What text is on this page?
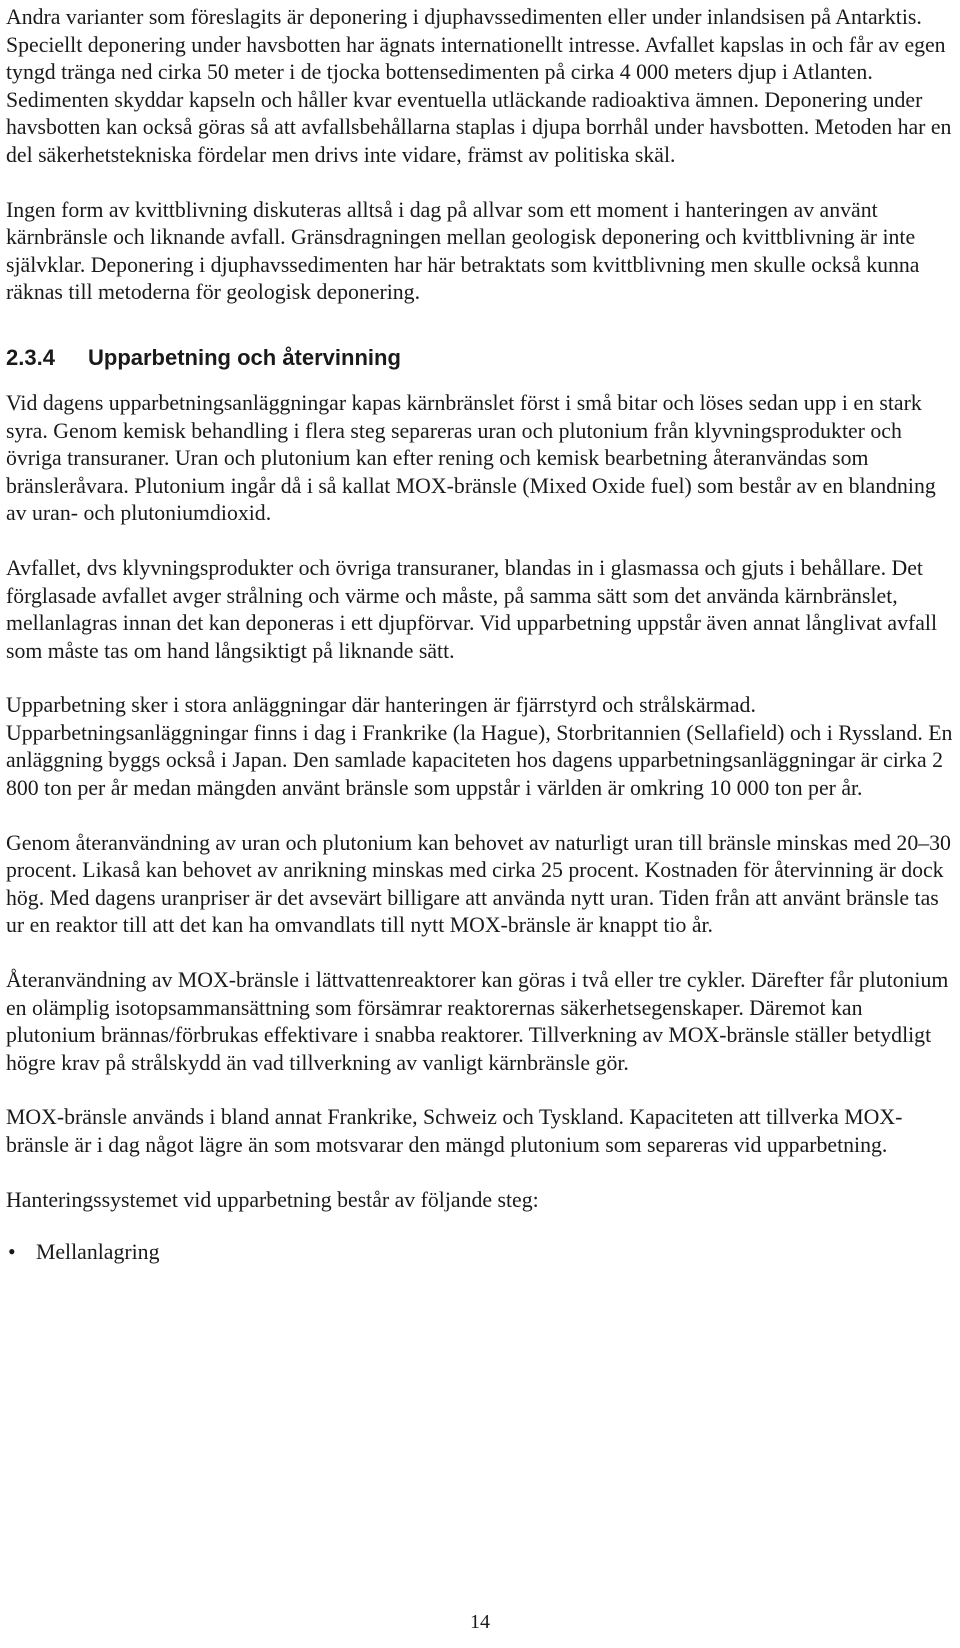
Andra varianter som föreslagits är deponering i djuphavssedimenten eller under inlandsisen på Antarktis. Speciellt deponering under havsbotten har ägnats internationellt intresse. Avfallet kapslas in och får av egen tyngd tränga ned cirka 50 meter i de tjocka bottensedimenten på cirka 4 000 meters djup i Atlanten. Sedimenten skyddar kapseln och håller kvar eventuella utläckande radioaktiva ämnen. Deponering under havsbotten kan också göras så att avfallsbehållarna staplas i djupa borrhål under havsbotten. Metoden har en del säkerhetstekniska fördelar men drivs inte vidare, främst av politiska skäl.

Ingen form av kvittblivning diskuteras alltså i dag på allvar som ett moment i hanteringen av använt kärnbränsle och liknande avfall. Gränsdragningen mellan geologisk deponering och kvittblivning är inte självklar. Deponering i djuphavssedimenten har här betraktats som kvittblivning men skulle också kunna räknas till metoderna för geologisk deponering.

2.3.4	Upparbetning och återvinning

Vid dagens upparbetningsanläggningar kapas kärnbränslet först i små bitar och löses sedan upp i en stark syra. Genom kemisk behandling i flera steg separeras uran och plutonium från klyvningsprodukter och övriga transuraner. Uran och plutonium kan efter rening och kemisk bearbetning återanvändas som bränsleråvara. Plutonium ingår då i så kallat MOX-bränsle (Mixed Oxide fuel) som består av en blandning av uran- och plutoniumdioxid.

Avfallet, dvs klyvningsprodukter och övriga transuraner, blandas in i glasmassa och gjuts i behållare. Det förglasade avfallet avger strålning och värme och måste, på samma sätt som det använda kärnbränslet, mellanlagras innan det kan deponeras i ett djupförvar. Vid upparbetning uppstår även annat långlivat avfall som måste tas om hand långsiktigt på liknande sätt.

Upparbetning sker i stora anläggningar där hanteringen är fjärrstyrd och strålskärmad. Upparbetningsanläggningar finns i dag i Frankrike (la Hague), Storbritannien (Sellafield) och i Ryssland. En anläggning byggs också i Japan. Den samlade kapaciteten hos dagens upparbetningsanläggningar är cirka 2 800 ton per år medan mängden använt bränsle som uppstår i världen är omkring 10 000 ton per år.

Genom återanvändning av uran och plutonium kan behovet av naturligt uran till bränsle minskas med 20–30 procent. Likaså kan behovet av anrikning minskas med cirka 25 procent. Kostnaden för återvinning är dock hög. Med dagens uranpriser är det avsevärt billigare att använda nytt uran. Tiden från att använt bränsle tas ur en reaktor till att det kan ha omvandlats till nytt MOX-bränsle är knappt tio år.

Återanvändning av MOX-bränsle i lättvattenreaktorer kan göras i två eller tre cykler. Därefter får plutonium en olämplig isotopsammansättning som försämrar reaktorernas säkerhetsegenskaper. Däremot kan plutonium brännas/förbrukas effektivare i snabba reaktorer. Tillverkning av MOX-bränsle ställer betydligt högre krav på strålskydd än vad tillverkning av vanligt kärnbränsle gör.

MOX-bränsle används i bland annat Frankrike, Schweiz och Tyskland. Kapaciteten att tillverka MOX-bränsle är i dag något lägre än som motsvarar den mängd plutonium som separeras vid upparbetning.

Hanteringssystemet vid upparbetning består av följande steg:

• Mellanlagring
14
